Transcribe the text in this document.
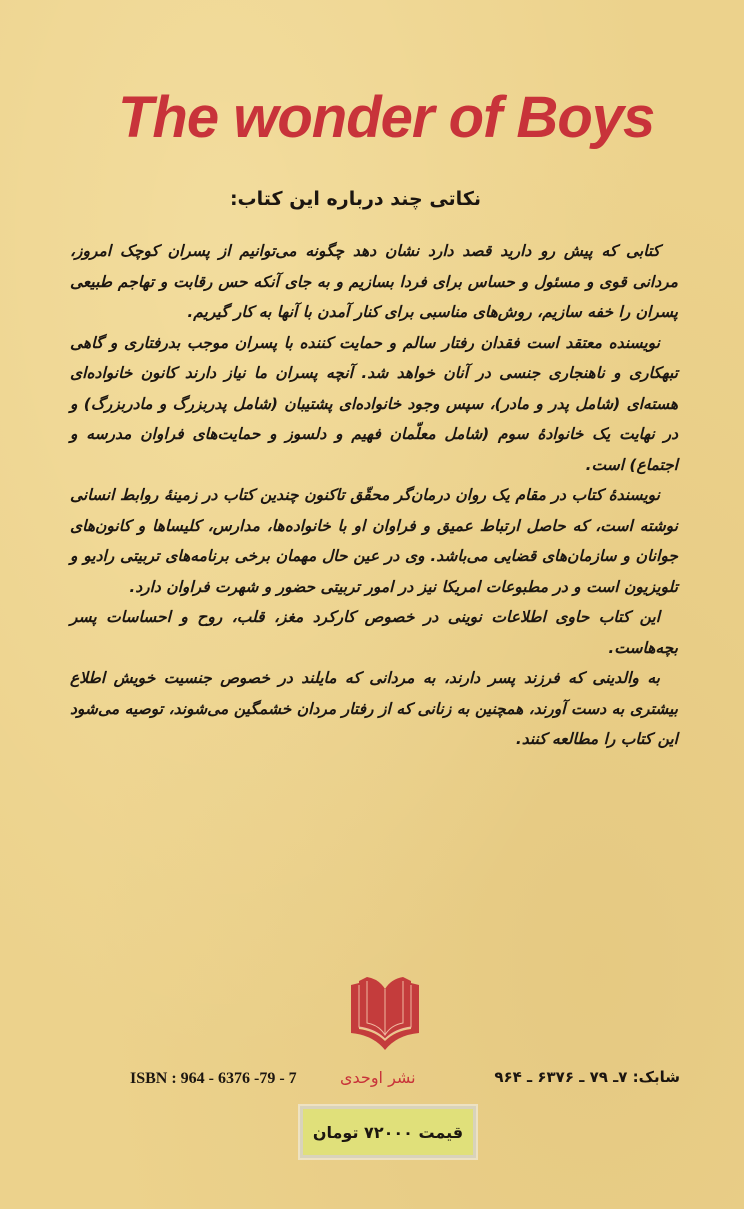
The wonder of Boys
نکاتی چند درباره این کتاب:

کتابی که پیش رو دارید قصد دارد نشان دهد چگونه می‌توانیم از پسران کوچک امروز، مردانی قوی و مسئول و حساس برای فردا بسازیم و به جای آنکه حس رقابت و تهاجم طبیعی پسران را خفه سازیم، روش‌های مناسبی برای کنار آمدن با آنها به کار گیریم.

نویسنده معتقد است فقدان رفتار سالم و حمایت کننده با پسران موجب بدرفتاری و گاهی تبهکاری و ناهنجاری جنسی در آنان خواهد شد. آنچه پسران ما نیاز دارند کانون خانواده‌ای هسته‌ای (شامل پدر و مادر)، سپس وجود خانواده‌ای پشتیبان (شامل پدربزرگ و مادربزرگ) و در نهایت یک خانوادهٔ سوم (شامل معلّمان فهیم و دلسوز و حمایت‌های فراوان مدرسه و اجتماع) است.

نویسندهٔ کتاب در مقام یک روان درمان‌گر محقّق تاکنون چندین کتاب در زمینهٔ روابط انسانی نوشته است، که حاصل ارتباط عمیق و فراوان او با خانواده‌ها، مدارس، کلیساها و کانون‌های جوانان و سازمان‌های قضایی می‌باشد. وی در عین حال مهمان برخی برنامه‌های تربیتی رادیو و تلویزیون است و در مطبوعات امریکا نیز در امور تربیتی حضور و شهرت فراوان دارد.

این کتاب حاوی اطلاعات نوینی در خصوص کارکرد مغز، قلب، روح و احساسات پسر بچه‌هاست.

به والدینی که فرزند پسر دارند، به مردانی که مایلند در خصوص جنسیت خویش اطلاع بیشتری به دست آورند، همچنین به زنانی که از رفتار مردان خشمگین می‌شوند، توصیه می‌شود این کتاب را مطالعه کنند.

ISBN : 964 - 6376 -79 - 7	نشر اوحدی	شابک: ۷ـ ۷۹ ـ ۶۳۷۶ ـ ۹۶۴
قیمت ۷۲۰۰۰ تومان
